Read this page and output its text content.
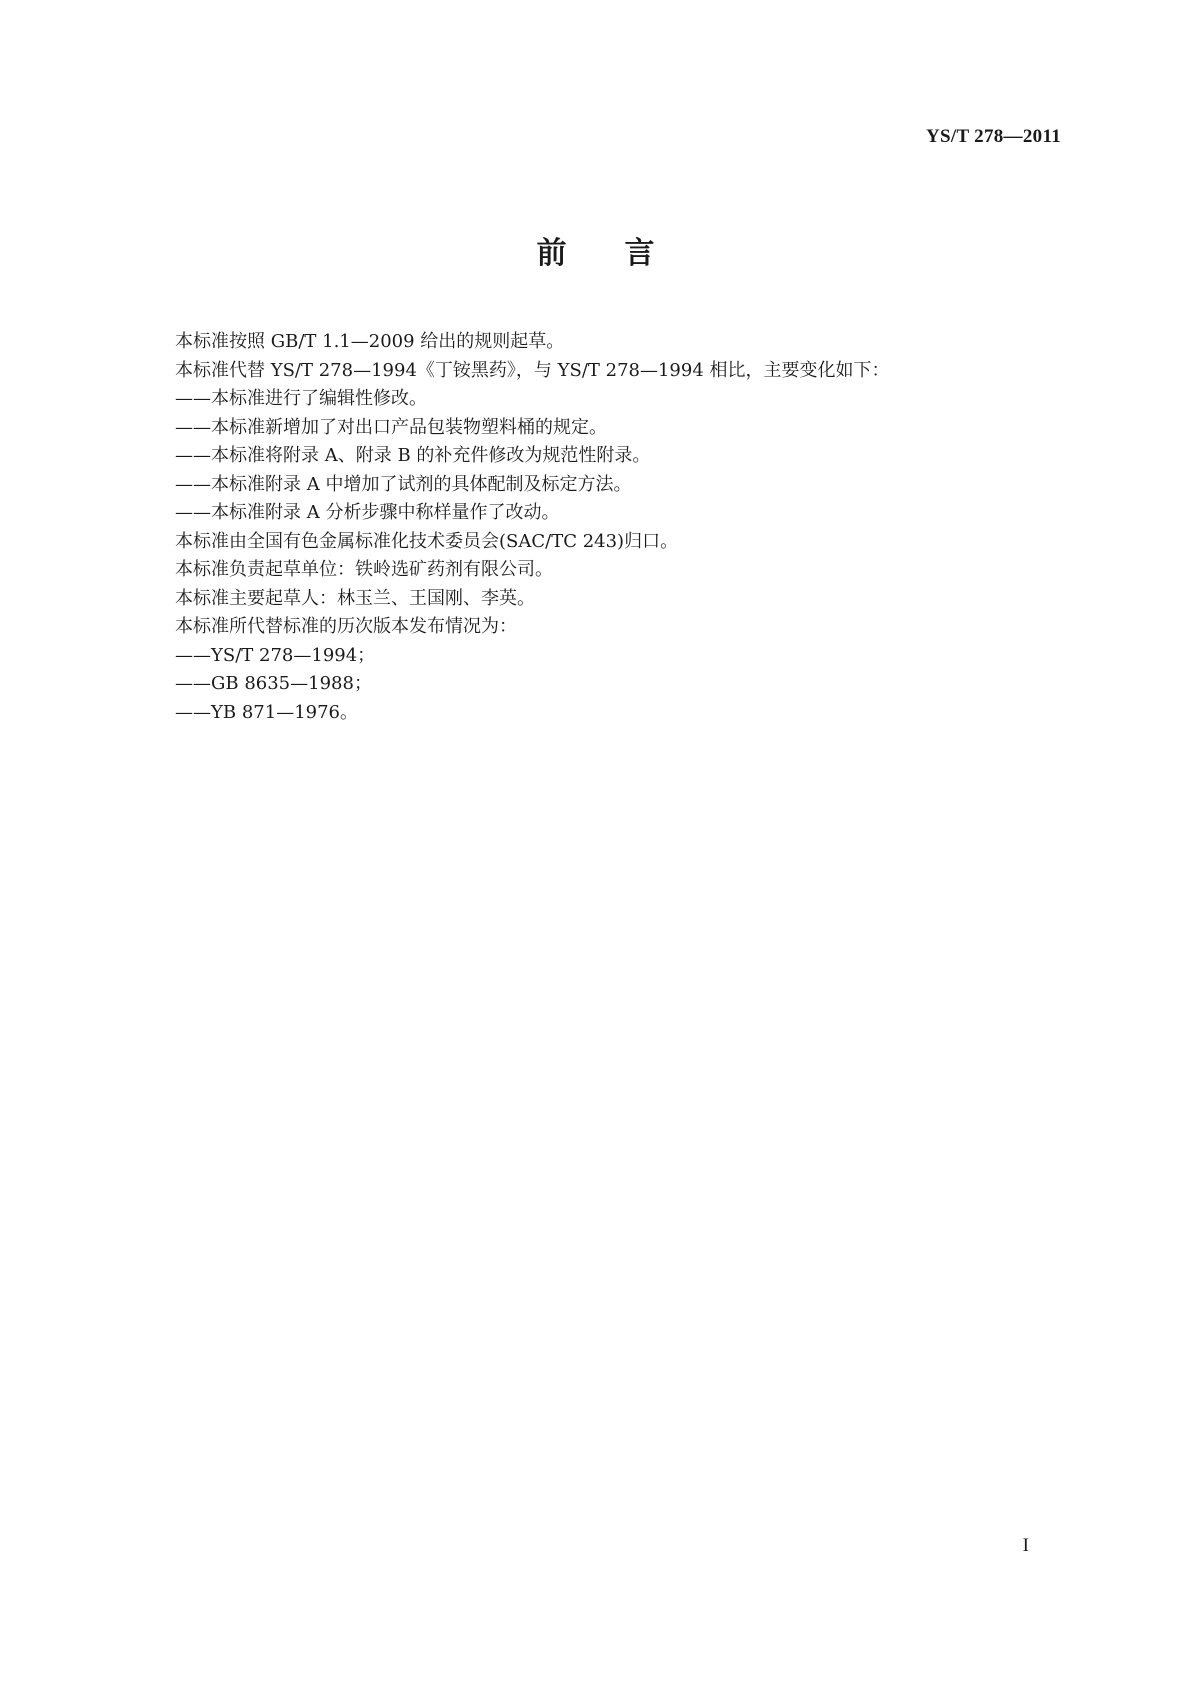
YS/T 278—2011
前言
本标准按照 GB/T 1.1—2009 给出的规则起草。
本标准代替 YS/T 278—1994《丁铵黑药》，与 YS/T 278—1994 相比，主要变化如下：
——本标准进行了编辑性修改。
——本标准新增加了对出口产品包装物塑料桶的规定。
——本标准将附录 A、附录 B 的补充件修改为规范性附录。
——本标准附录 A 中增加了试剂的具体配制及标定方法。
——本标准附录 A 分析步骤中称样量作了改动。
本标准由全国有色金属标准化技术委员会(SAC/TC 243)归口。
本标准负责起草单位：铁岭选矿药剂有限公司。
本标准主要起草人：林玉兰、王国刚、李英。
本标准所代替标准的历次版本发布情况为：
——YS/T 278—1994；
——GB 8635—1988；
——YB 871—1976。
I
